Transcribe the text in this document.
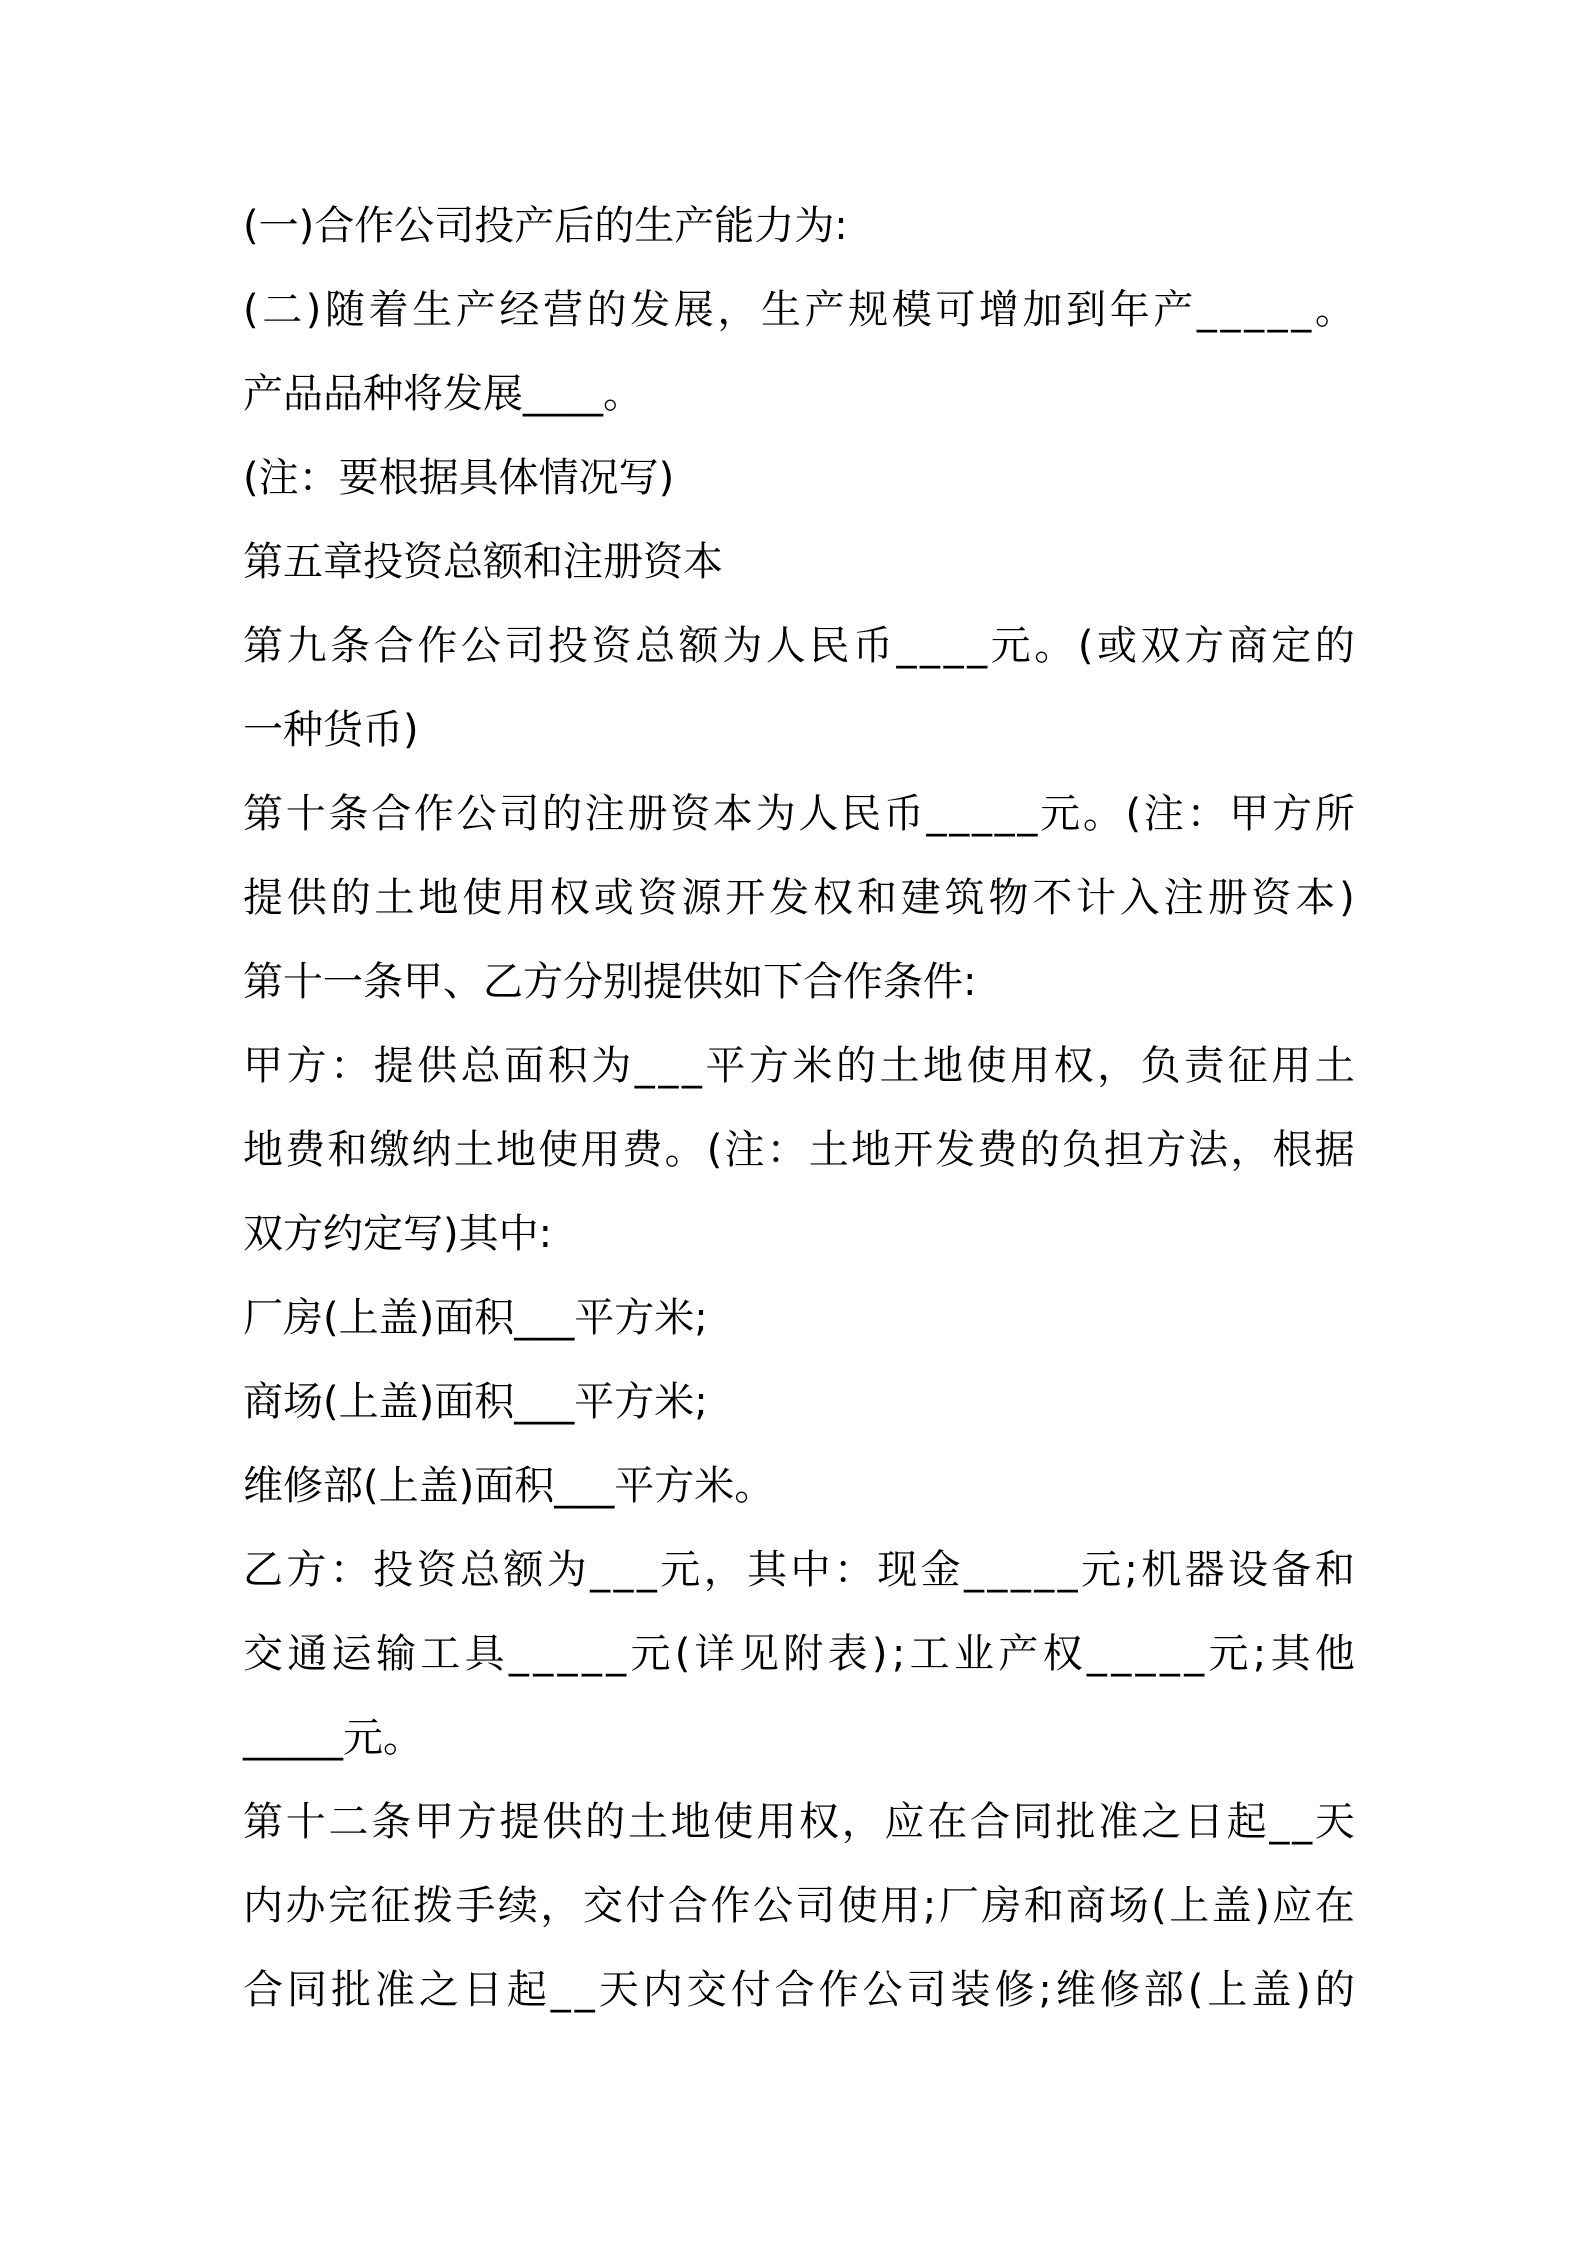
(一)合作公司投产后的生产能力为:
( 二 ) 随 着 生 产 经 营 的 发 展 ， 生 产 规 模 可 增 加 到 年 产 _ _ _ _ _ 。
产品品种将发展____。
(注：要根据具体情况写)
第五章投资总额和注册资本
第 九 条 合 作 公 司 投 资 总 额 为 人 民 币 _ _ _ _ 元 。 ( 或 双 方 商 定 的
一种货币)
第 十 条 合 作 公 司 的 注 册 资 本 为 人 民 币 _ _ _ _ _ 元 。 ( 注 ： 甲 方 所
提 供 的 土 地 使 用 权 或 资 源 开 发 权 和 建 筑 物 不 计 入 注 册 资 本 )
第十一条甲、乙方分别提供如下合作条件:
甲 方 ： 提 供 总 面 积 为 _ _ _ 平 方 米 的 土 地 使 用 权 ， 负 责 征 用 土
地 费 和 缴 纳 土 地 使 用 费 。 ( 注 ： 土 地 开 发 费 的 负 担 方 法 ， 根 据
双方约定写)其中:
厂房(上盖)面积___平方米;
商场(上盖)面积___平方米;
维修部(上盖)面积___平方米。
乙 方 ： 投 资 总 额 为 _ _ _ 元 ， 其 中 ： 现 金 _ _ _ _ _ 元 ; 机 器 设 备 和
交 通 运 输 工 具 _ _ _ _ _ 元 ( 详 见 附 表 ) ; 工 业 产 权 _ _ _ _ _ 元 ; 其 他
_____元。
第 十 二 条 甲 方 提 供 的 土 地 使 用 权 ， 应 在 合 同 批 准 之 日 起 _ _ 天
内 办 完 征 拨 手 续 ， 交 付 合 作 公 司 使 用 ; 厂 房 和 商 场 ( 上 盖 ) 应 在
合 同 批 准 之 日 起 _ _ 天 内 交 付 合 作 公 司 装 修 ; 维 修 部 ( 上 盖 ) 的
